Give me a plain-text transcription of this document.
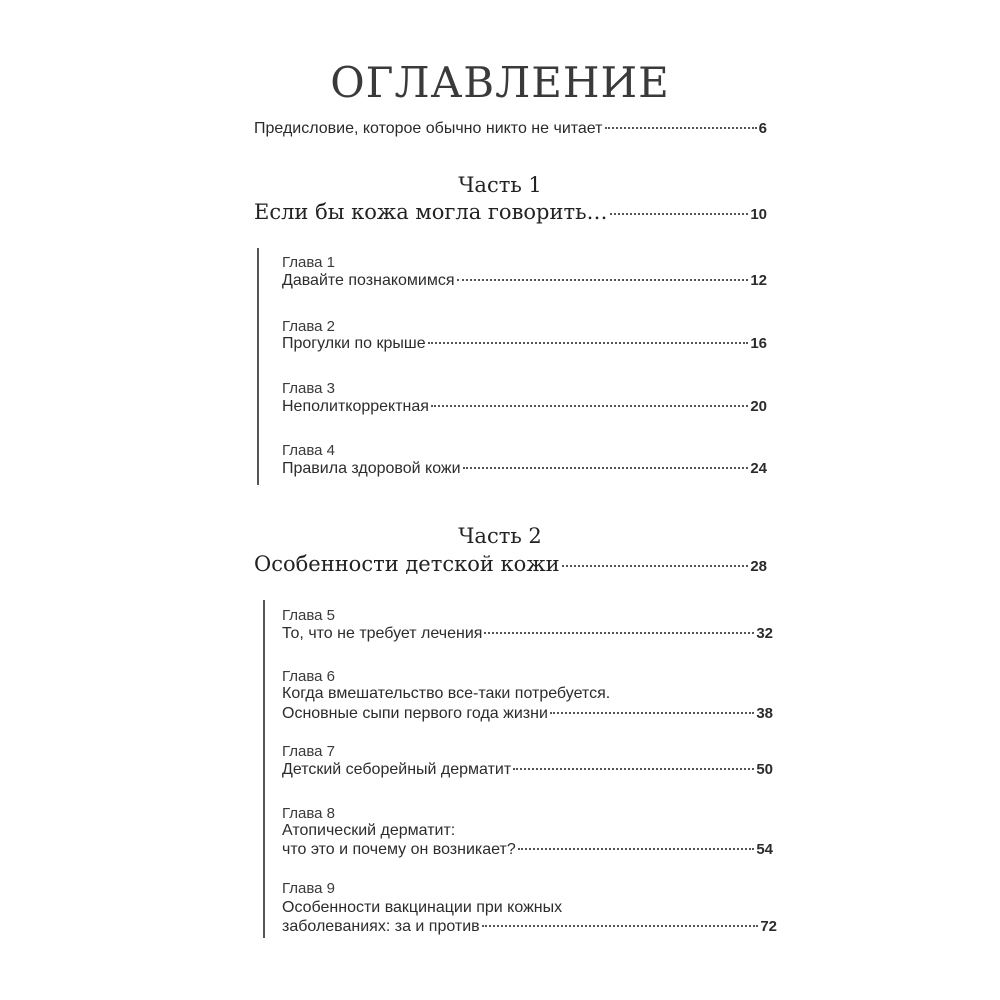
ОГЛАВЛЕНИЕ
Предисловие, которое обычно никто не читает	6
Часть 1
Если бы кожа могла говорить…	10
Глава 1
Давайте познакомимся	12
Глава 2
Прогулки по крыше	16
Глава 3
Неполиткорректная	20
Глава 4
Правила здоровой кожи	24
Часть 2
Особенности детской кожи	28
Глава 5
То, что не требует лечения	32
Глава 6
Когда вмешательство все-таки потребуется.
Основные сыпи первого года жизни	38
Глава 7
Детский себорейный дерматит	50
Глава 8
Атопический дерматит:
что это и почему он возникает?	54
Глава 9
Особенности вакцинации при кожных
заболеваниях: за и против	72
